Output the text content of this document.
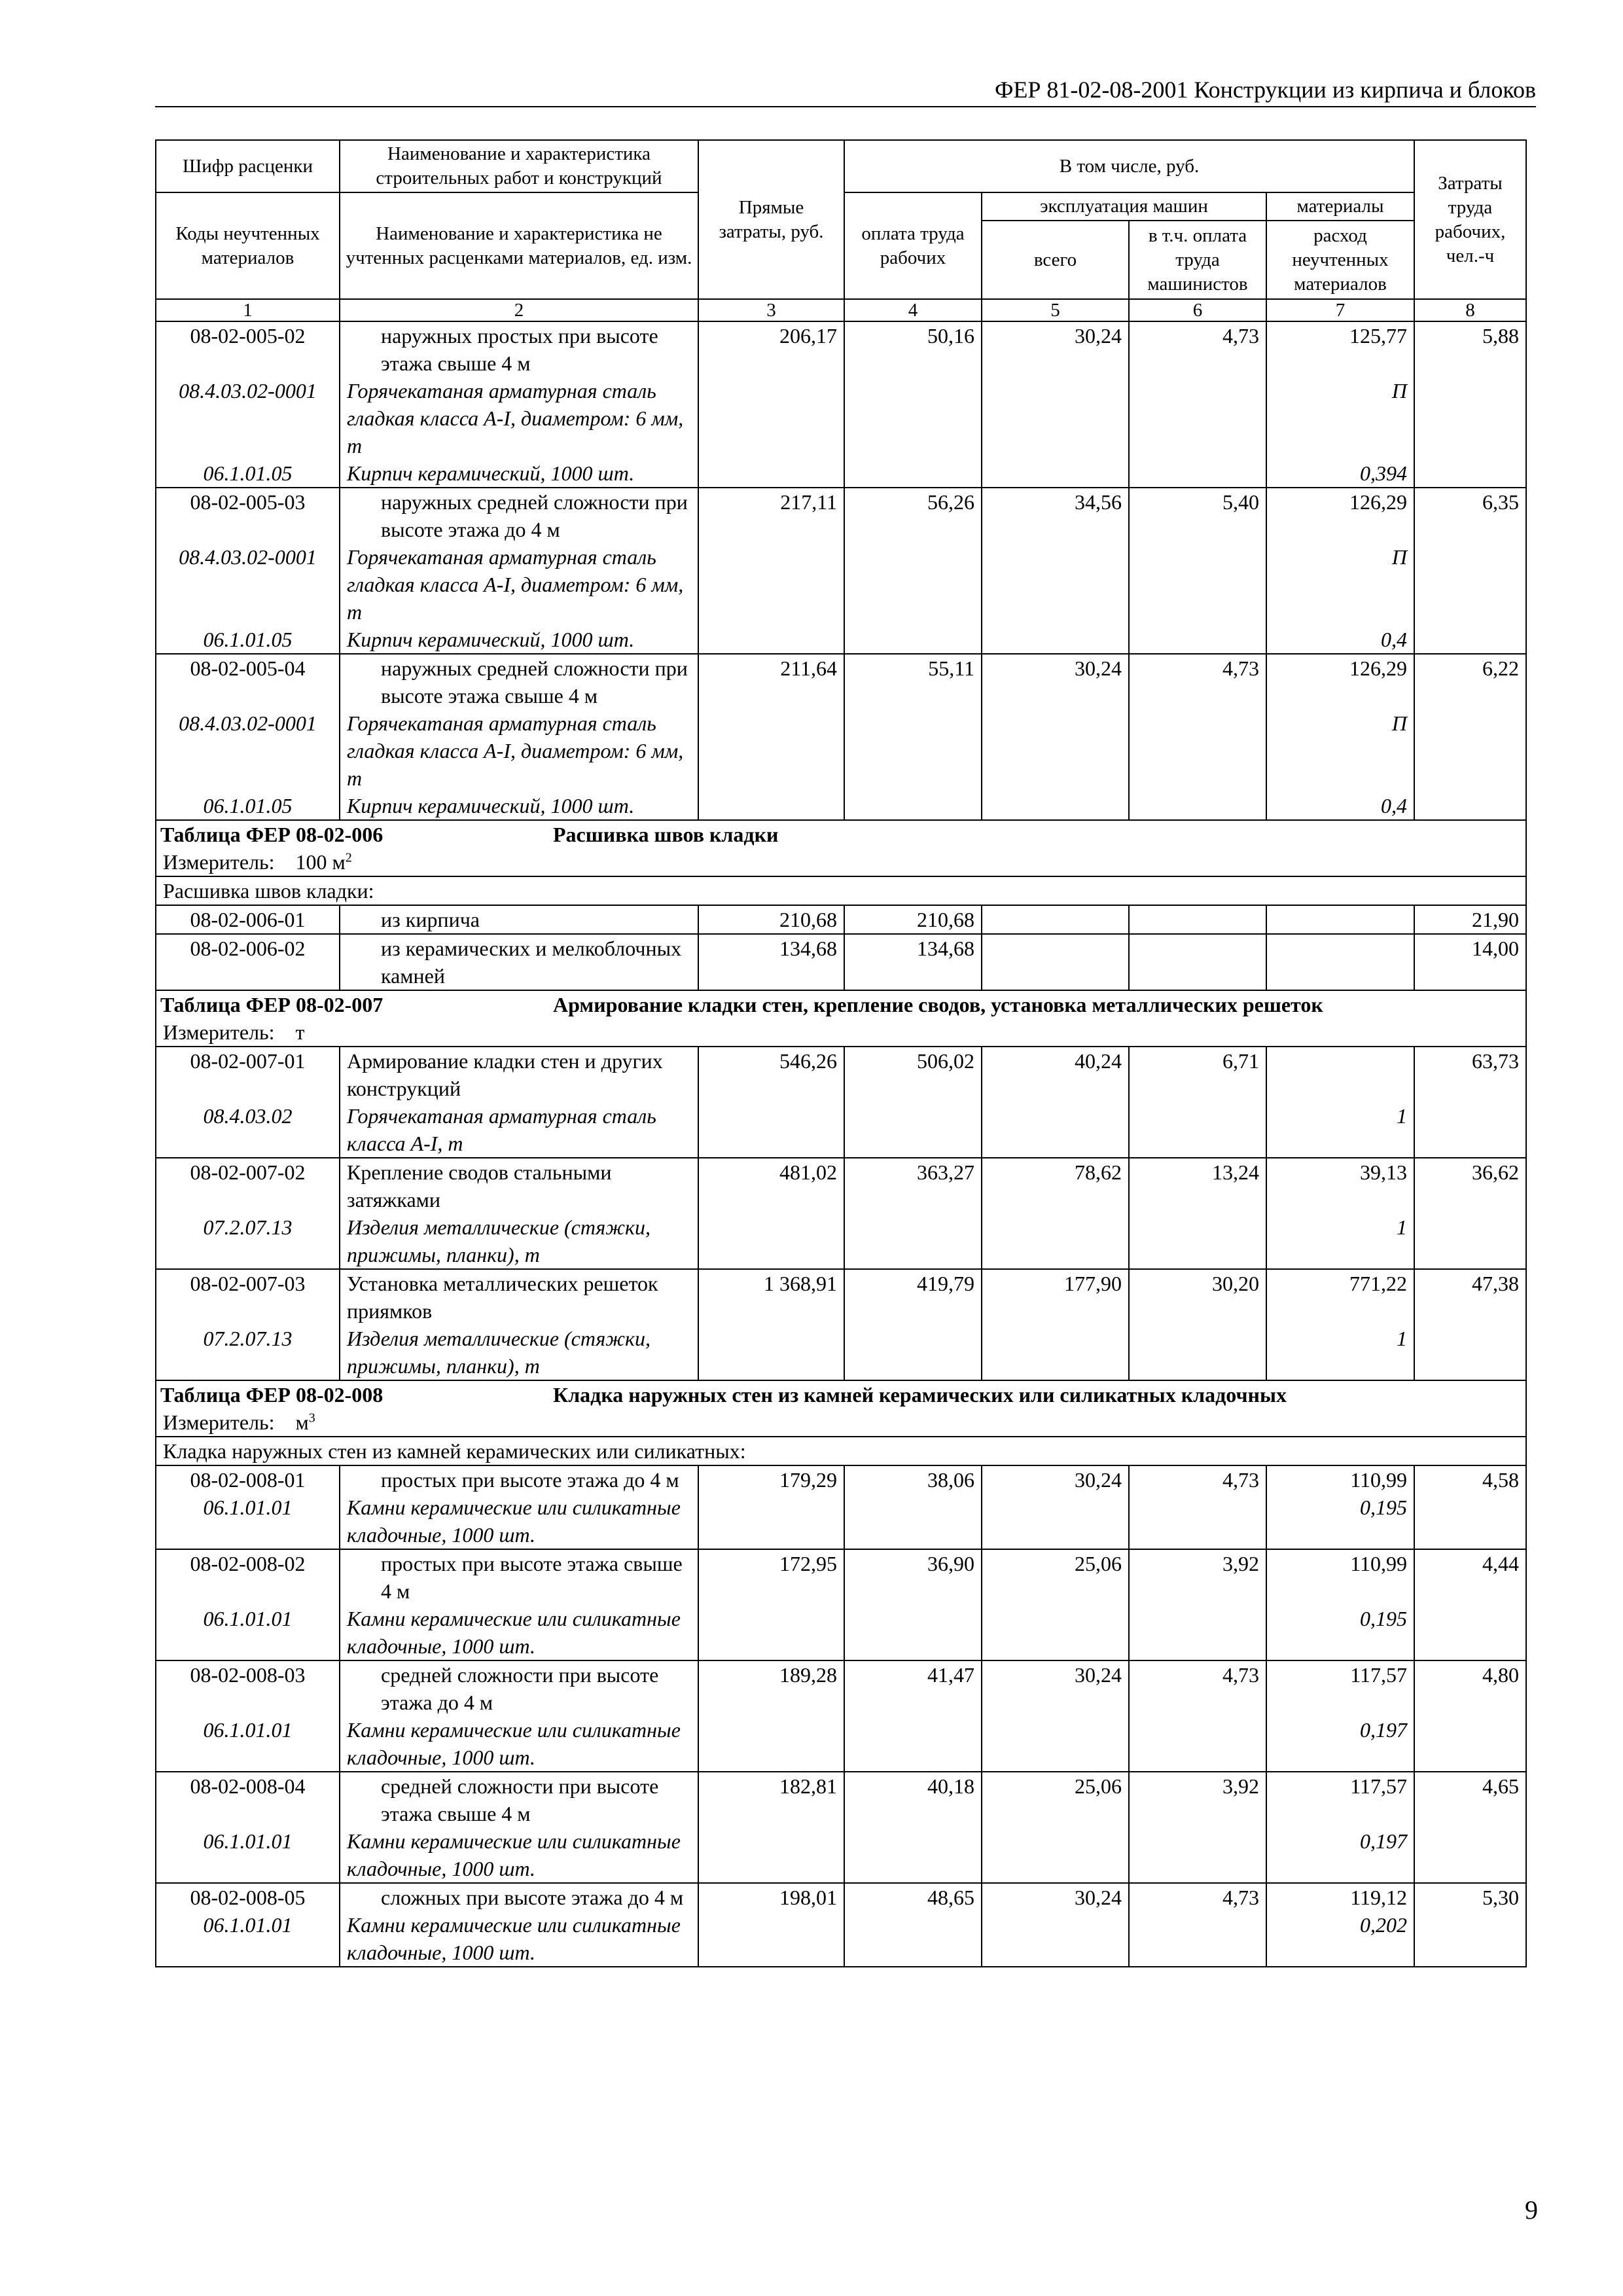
ФЕР 81-02-08-2001 Конструкции из кирпича и блоков
Шифр расценки	Наименование и характеристика строительных работ и конструкций	Прямые затраты, руб.	В том числе, руб.				Затраты труда рабочих, чел.-ч
Коды неучтенных материалов	Наименование и характеристика не учтенных расценками материалов, ед. изм.		оплата труда рабочих	эксплуатация машин		материалы	
				всего	в т.ч. оплата труда машинистов	расход неучтенных материалов	
1	2	3	4	5	6	7	8
08-02-005-02	наружных простых при высоте этажа свыше 4 м	206,17	50,16	30,24	4,73	125,77	5,88
08.4.03.02-0001	Горячекатаная арматурная сталь гладкая класса А-I, диаметром: 6 мм, т					П	
06.1.01.05	Кирпич керамический, 1000 шт.					0,394	
08-02-005-03	наружных средней сложности при высоте этажа до 4 м	217,11	56,26	34,56	5,40	126,29	6,35
08.4.03.02-0001	Горячекатаная арматурная сталь гладкая класса А-I, диаметром: 6 мм, т					П	
06.1.01.05	Кирпич керамический, 1000 шт.					0,4	
08-02-005-04	наружных средней сложности при высоте этажа свыше 4 м	211,64	55,11	30,24	4,73	126,29	6,22
08.4.03.02-0001	Горячекатаная арматурная сталь гладкая класса А-I, диаметром: 6 мм, т					П	
06.1.01.05	Кирпич керамический, 1000 шт.					0,4	
Таблица ФЕР 08-02-006 Расшивка швов кладки							
Измеритель: 100 $м^2$
Расшивка швов кладки:							
08-02-006-01	из кирпича	210,68	210,68				21,90
08-02-006-02	из керамических и мелкоблочных камней	134,68	134,68				14,00
Таблица ФЕР 08-02-007 Армирование кладки стен, крепление сводов, установка металлических решеток							
Измеритель: т							
08-02-007-01	Армирование кладки стен и других конструкций	546,26	506,02	40,24	6,71		63,73
08.4.03.02	Горячекатаная арматурная сталь класса А-I, т					1	
08-02-007-02	Крепление сводов стальными затяжками	481,02	363,27	78,62	13,24	39,13	36,62
07.2.07.13	Изделия металлические (стяжки, прижимы, планки), т					1	
08-02-007-03	Установка металлических решеток приямков	1 368,91	419,79	177,90	30,20	771,22	47,38
07.2.07.13	Изделия металлические (стяжки, прижимы, планки), т					1	
Таблица ФЕР 08-02-008 Кладка наружных стен из камней керамических или силикатных кладочных							
Измеритель: $м^3$
Кладка наружных стен из камней керамических или силикатных:							
08-02-008-01	простых при высоте этажа до 4 м	179,29	38,06	30,24	4,73	110,99	4,58
06.1.01.01	Камни керамические или силикатные кладочные, 1000 шт.					0,195	
08-02-008-02	простых при высоте этажа свыше 4 м	172,95	36,90	25,06	3,92	110,99	4,44
06.1.01.01	Камни керамические или силикатные кладочные, 1000 шт.					0,195	
08-02-008-03	средней сложности при высоте этажа до 4 м	189,28	41,47	30,24	4,73	117,57	4,80
06.1.01.01	Камни керамические или силикатные кладочные, 1000 шт.					0,197	
08-02-008-04	средней сложности при высоте этажа свыше 4 м	182,81	40,18	25,06	3,92	117,57	4,65
06.1.01.01	Камни керамические или силикатные кладочные, 1000 шт.					0,197	
08-02-008-05	сложных при высоте этажа до 4 м	198,01	48,65	30,24	4,73	119,12	5,30
06.1.01.01	Камни керамические или силикатные кладочные, 1000 шт.					0,202	
9
